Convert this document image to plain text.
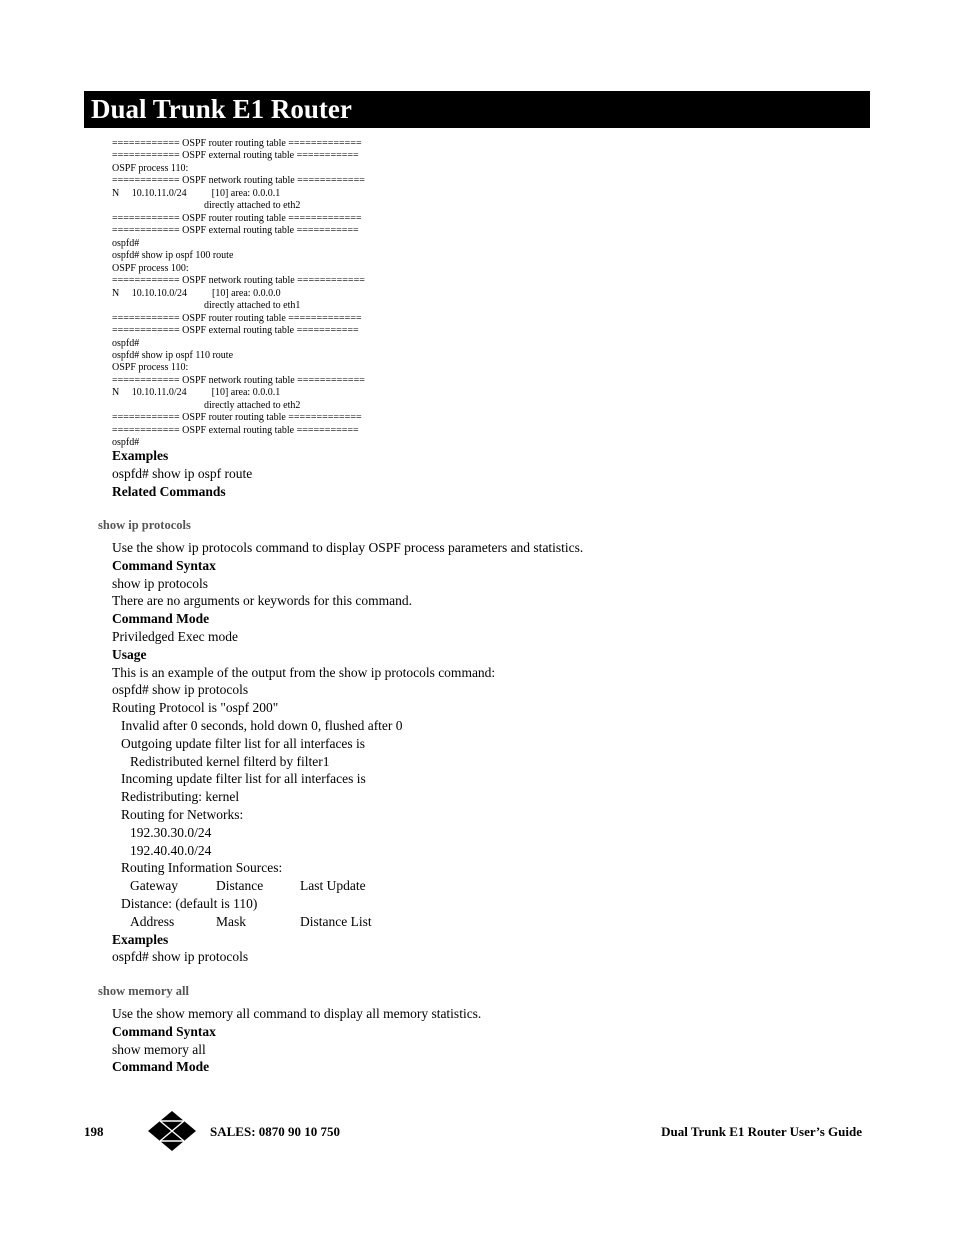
Dual Trunk E1 Router
============ OSPF router routing table =============
============ OSPF external routing table ===========
OSPF process 110:
============ OSPF network routing table ============
N     10.10.11.0/24          [10] area: 0.0.0.1
directly attached to eth2
============ OSPF router routing table =============
============ OSPF external routing table ===========
ospfd#
ospfd# show ip ospf 100 route
OSPF process 100:
============ OSPF network routing table ============
N     10.10.10.0/24          [10] area: 0.0.0.0
directly attached to eth1
============ OSPF router routing table =============
============ OSPF external routing table ===========
ospfd#
ospfd# show ip ospf 110 route
OSPF process 110:
============ OSPF network routing table ============
N     10.10.11.0/24          [10] area: 0.0.0.1
directly attached to eth2
============ OSPF router routing table =============
============ OSPF external routing table ===========
ospfd#
Examples
ospfd# show ip ospf route
Related Commands
show ip protocols
Use the show ip protocols command to display OSPF process parameters and statistics.
Command Syntax
show ip protocols
There are no arguments or keywords for this command.
Command Mode
Priviledged Exec mode
Usage
This is an example of the output from the show ip protocols command:
ospfd# show ip protocols
Routing Protocol is "ospf 200"
Invalid after 0 seconds, hold down 0, flushed after 0
Outgoing update filter list for all interfaces is
Redistributed kernel filterd by filter1
Incoming update filter list for all interfaces is
Redistributing: kernel
Routing for Networks:
192.30.30.0/24
192.40.40.0/24
Routing Information Sources:
Gateway	Distance	Last Update
Distance: (default is 110)
Address	Mask	Distance List
Examples
ospfd# show ip protocols
show memory all
Use the show memory all command to display all memory statistics.
Command Syntax
show memory all
Command Mode
198	SALES: 0870 90 10 750	Dual Trunk E1 Router User’s Guide
